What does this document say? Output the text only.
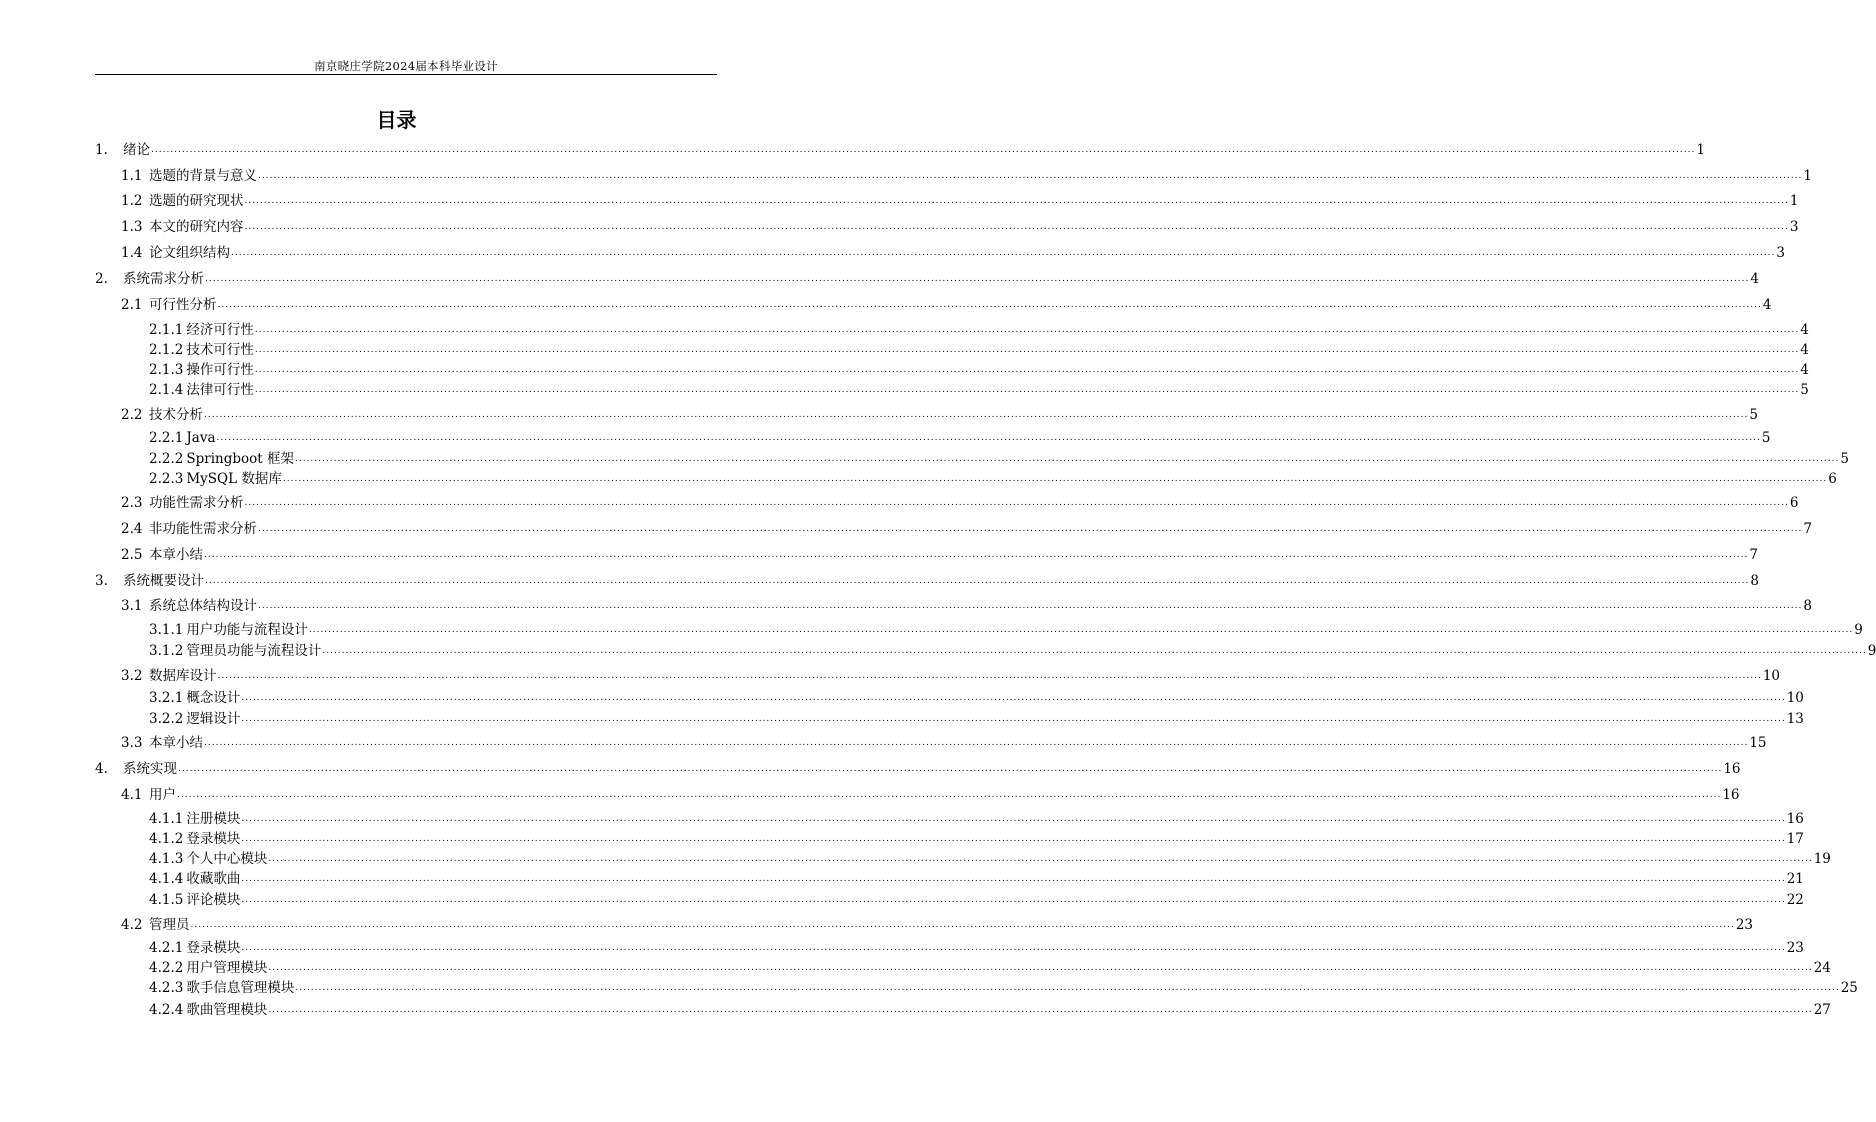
南京晓庄学院2024届本科毕业设计
目录
1.	绪论 ................................................................................................................................................................................................................................................................................................................................................................................................................ 1
1.1 选题的背景与意义 ................................................................................................................................................................................................................................................................................................................................................................................................................ 1
1.2 选题的研究现状 ................................................................................................................................................................................................................................................................................................................................................................................................................ 1
1.3 本文的研究内容 ................................................................................................................................................................................................................................................................................................................................................................................................................ 3
1.4 论文组织结构 ................................................................................................................................................................................................................................................................................................................................................................................................................ 3
2.	系统需求分析 ................................................................................................................................................................................................................................................................................................................................................................................................................ 4
2.1 可行性分析 ................................................................................................................................................................................................................................................................................................................................................................................................................ 4
2.1.1 经济可行性 ................................................................................................................................................................................................................................................................................................................................................................................................................ 4
2.1.2 技术可行性 ................................................................................................................................................................................................................................................................................................................................................................................................................ 4
2.1.3 操作可行性 ................................................................................................................................................................................................................................................................................................................................................................................................................ 4
2.1.4 法律可行性 ................................................................................................................................................................................................................................................................................................................................................................................................................ 5
2.2 技术分析 ................................................................................................................................................................................................................................................................................................................................................................................................................ 5
2.2.1 Java ................................................................................................................................................................................................................................................................................................................................................................................................................ 5
2.2.2 Springboot 框架 ................................................................................................................................................................................................................................................................................................................................................................................................................ 5
2.2.3 MySQL 数据库 ................................................................................................................................................................................................................................................................................................................................................................................................................ 6
2.3 功能性需求分析 ................................................................................................................................................................................................................................................................................................................................................................................................................ 6
2.4 非功能性需求分析 ................................................................................................................................................................................................................................................................................................................................................................................................................ 7
2.5 本章小结 ................................................................................................................................................................................................................................................................................................................................................................................................................ 7
3.	系统概要设计 ................................................................................................................................................................................................................................................................................................................................................................................................................ 8
3.1 系统总体结构设计 ................................................................................................................................................................................................................................................................................................................................................................................................................ 8
3.1.1 用户功能与流程设计 ................................................................................................................................................................................................................................................................................................................................................................................................................ 9
3.1.2 管理员功能与流程设计 ................................................................................................................................................................................................................................................................................................................................................................................................................ 9
3.2 数据库设计 ................................................................................................................................................................................................................................................................................................................................................................................................................ 10
3.2.1 概念设计 ................................................................................................................................................................................................................................................................................................................................................................................................................ 10
3.2.2 逻辑设计 ................................................................................................................................................................................................................................................................................................................................................................................................................ 13
3.3 本章小结 ................................................................................................................................................................................................................................................................................................................................................................................................................ 15
4.	系统实现 ................................................................................................................................................................................................................................................................................................................................................................................................................ 16
4.1 用户 ................................................................................................................................................................................................................................................................................................................................................................................................................ 16
4.1.1 注册模块 ................................................................................................................................................................................................................................................................................................................................................................................................................ 16
4.1.2 登录模块 ................................................................................................................................................................................................................................................................................................................................................................................................................ 17
4.1.3 个人中心模块 ................................................................................................................................................................................................................................................................................................................................................................................................................ 19
4.1.4 收藏歌曲 ................................................................................................................................................................................................................................................................................................................................................................................................................ 21
4.1.5 评论模块 ................................................................................................................................................................................................................................................................................................................................................................................................................ 22
4.2 管理员 ................................................................................................................................................................................................................................................................................................................................................................................................................ 23
4.2.1 登录模块 ................................................................................................................................................................................................................................................................................................................................................................................................................ 23
4.2.2 用户管理模块 ................................................................................................................................................................................................................................................................................................................................................................................................................ 24
4.2.3 歌手信息管理模块 ................................................................................................................................................................................................................................................................................................................................................................................................................ 25
4.2.4 歌曲管理模块 ................................................................................................................................................................................................................................................................................................................................................................................................................ 27
